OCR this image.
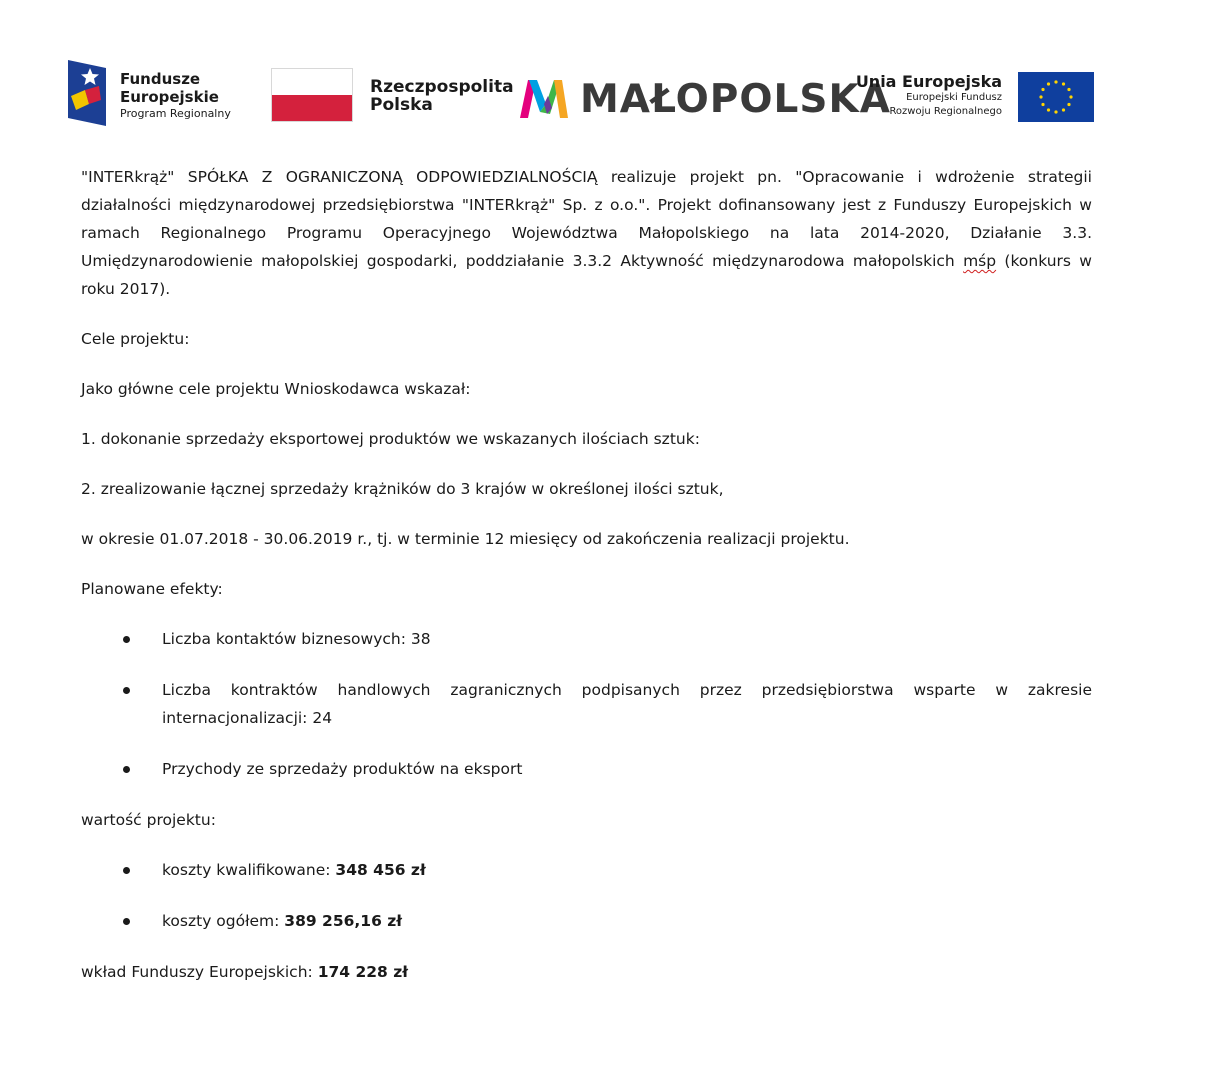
Fundusze
Europejskie
Program Regionalny
Rzeczpospolita
Polska	MAŁOPOLSKA
Unia Europejska
Europejski Fundusz
Rozwoju Regionalnego

"INTERkrąż" SPÓŁKA Z OGRANICZONĄ ODPOWIEDZIALNOŚCIĄ realizuje projekt pn. "Opracowanie i wdrożenie strategii działalności międzynarodowej przedsiębiorstwa "INTERkrąż" Sp. z o.o.". Projekt dofinansowany jest z Funduszy Europejskich w ramach Regionalnego Programu Operacyjnego Województwa Małopolskiego na lata 2014-2020, Działanie 3.3. Umiędzynarodowienie małopolskiej gospodarki, poddziałanie 3.3.2 Aktywność międzynarodowa małopolskich mśp (konkurs w roku 2017).

Cele projektu:

Jako główne cele projektu Wnioskodawca wskazał:

1. dokonanie sprzedaży eksportowej produktów we wskazanych ilościach sztuk:

2. zrealizowanie łącznej sprzedaży krążników do 3 krajów w określonej ilości sztuk,

w okresie 01.07.2018 - 30.06.2019 r., tj. w terminie 12 miesięcy od zakończenia realizacji projektu.

Planowane efekty:

Liczba kontaktów biznesowych: 38
Liczba kontraktów handlowych zagranicznych podpisanych przez przedsiębiorstwa wsparte w zakresie internacjonalizacji: 24
Przychody ze sprzedaży produktów na eksport

wartość projektu:

koszty kwalifikowane: 348 456 zł
koszty ogółem: 389 256,16 zł

wkład Funduszy Europejskich: 174 228 zł
